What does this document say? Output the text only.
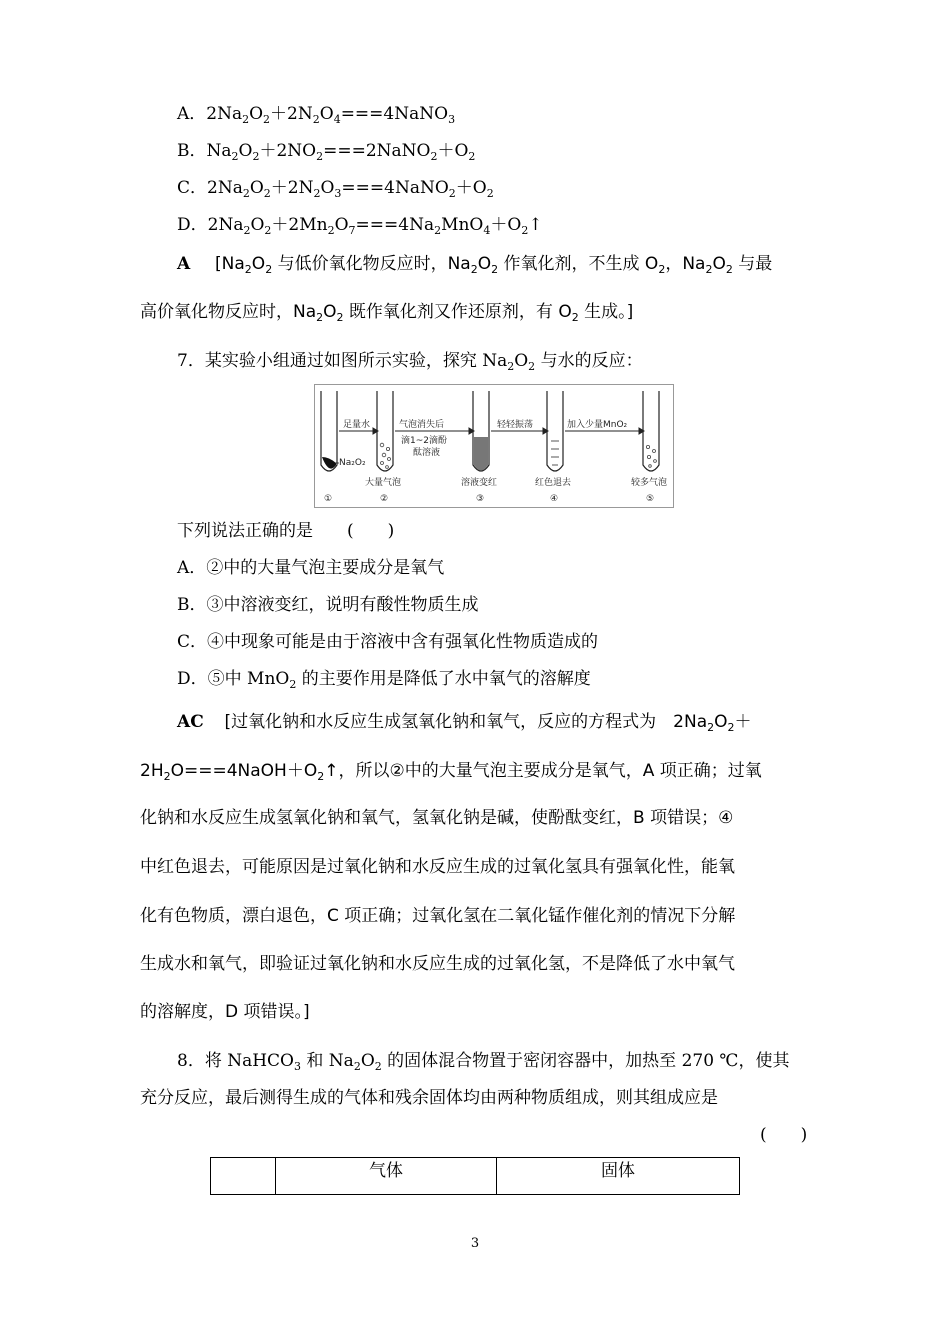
A．$2Na_2O_2+2N_2O_4===4NaNO_3$
B．$Na_2O_2+2NO_2===2NaNO_2+O_2$
C．$2Na_2O_2+2N_2O_3===4NaNO_2+O_2$
D．$2Na_2O_2+2Mn_2O_7===4Na_2MnO_4+O_2↑$
A [$Na_2O_2$ 与低价氧化物反应时，$Na_2O_2$ 作氧化剂，不生成 $O_2$，$Na_2O_2$ 与最
高价氧化物反应时，$Na_2O_2$ 既作氧化剂又作还原剂，有 $O_2$ 生成。]
7．某实验小组通过如图所示实验，探究 $Na_2O_2$ 与水的反应：
足量水	气泡消失后
滴1~2滴酚
酞溶液
轻轻振荡	加入少量MnO₂
Na₂O₂
大量气泡	溶液变红	红色退去	较多气泡
①	②	③	④	⑤
下列说法正确的是　　(　　)
A．②中的大量气泡主要成分是氧气
B．③中溶液变红，说明有酸性物质生成
C．④中现象可能是由于溶液中含有强氧化性物质造成的
D．⑤中 MnO$_2$ 的主要作用是降低了水中氧气的溶解度
AC [过氧化钠和水反应生成氢氧化钠和氧气，反应的方程式为　$2Na_2O_2+$
$2H_2O===4NaOH+O_2↑$，所以②中的大量气泡主要成分是氧气，A 项正确；过氧
化钠和水反应生成氢氧化钠和氧气，氢氧化钠是碱，使酚酞变红，B 项错误；④
中红色退去，可能原因是过氧化钠和水反应生成的过氧化氢具有强氧化性，能氧
化有色物质，漂白退色，C 项正确；过氧化氢在二氧化锰作催化剂的情况下分解
生成水和氧气，即验证过氧化钠和水反应生成的过氧化氢，不是降低了水中氧气
的溶解度，D 项错误。]
8．将 NaHCO$_3$ 和 $Na_2O_2$ 的固体混合物置于密闭容器中，加热至 270 ℃，使其
充分反应，最后测得生成的气体和残余固体均由两种物质组成，则其组成应是
(　　)
	气体	固体
3
